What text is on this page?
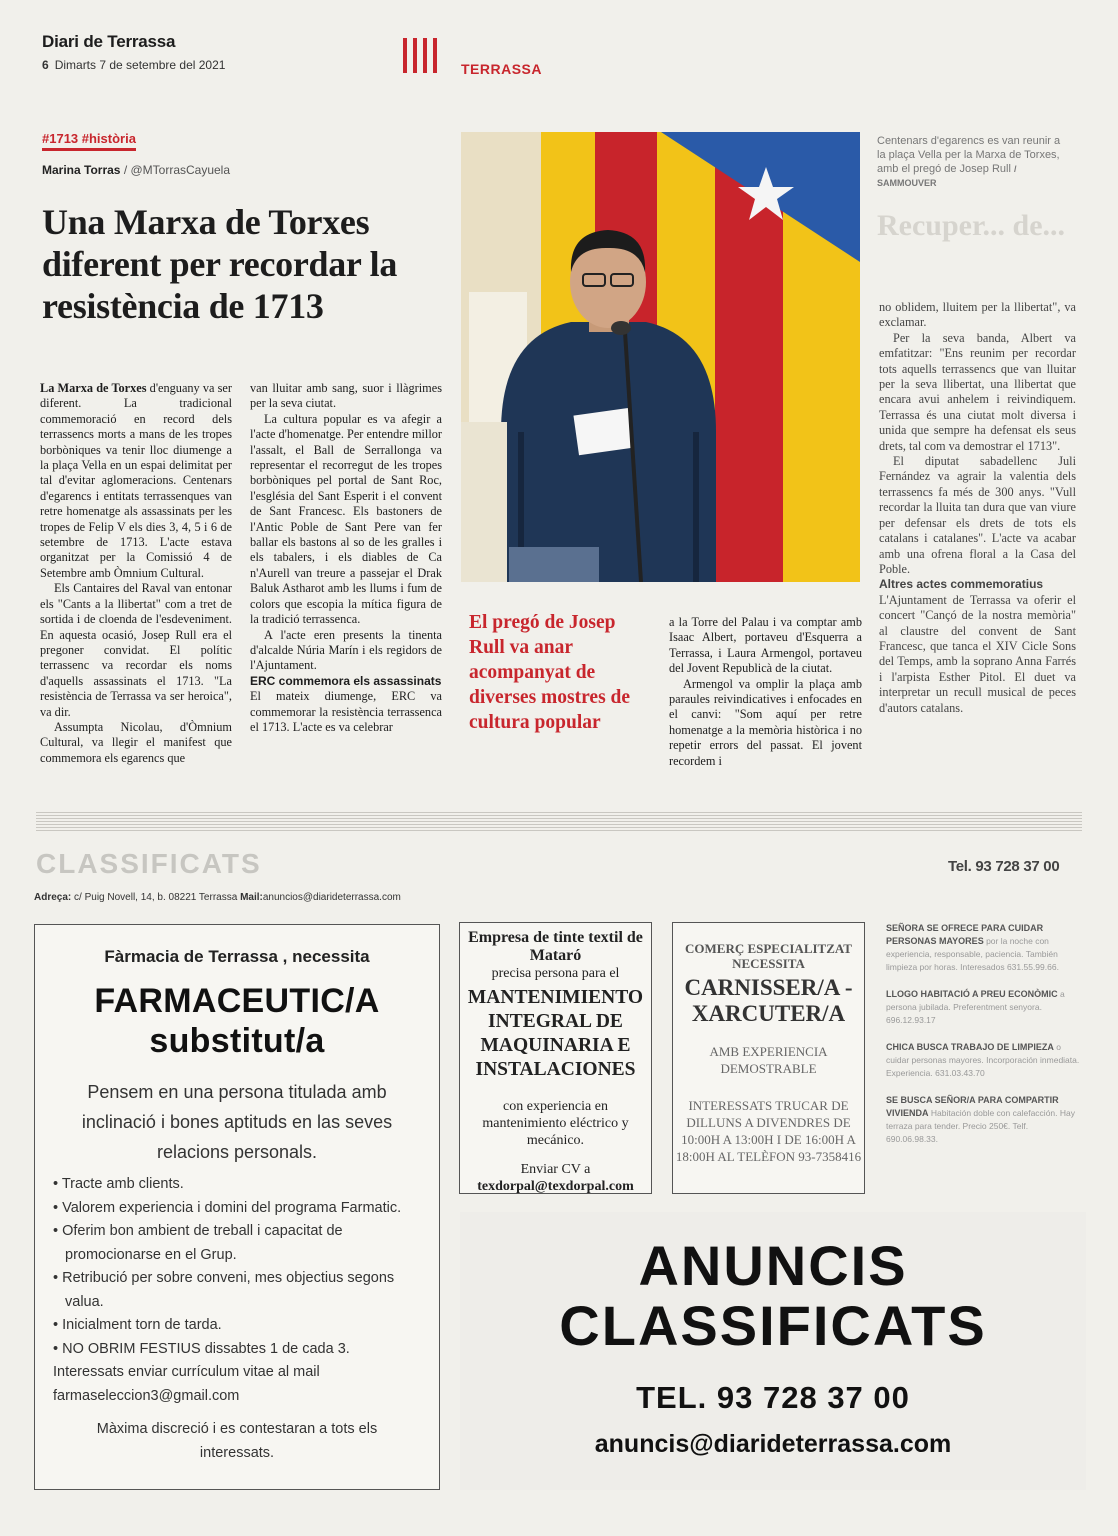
Diari de Terrassa
6 Dimarts 7 de setembre del 2021	TERRASSA
#1713 #història
Marina Torras / @MTorrasCayuela
Una Marxa de Torxes diferent per recordar la resistència de 1713

La Marxa de Torxes d'enguany va ser diferent. La tradicional commemoració en record dels terrassencs morts a mans de les tropes borbòniques va tenir lloc diumenge a la plaça Vella en un espai delimitat per tal d'evitar aglomeracions. Centenars d'egarencs i entitats terrassenques van retre homenatge als assassinats per les tropes de Felip V els dies 3, 4, 5 i 6 de setembre de 1713. L'acte estava organitzat per la Comissió 4 de Setembre amb Òmnium Cultural.

Els Cantaires del Raval van entonar els "Cants a la llibertat" com a tret de sortida i de cloenda de l'esdeveniment. En aquesta ocasió, Josep Rull era el pregoner convidat. El polític terrassenc va recordar els noms d'aquells assassinats el 1713. "La resistència de Terrassa va ser heroica", va dir.

Assumpta Nicolau, d'Òmnium Cultural, va llegir el manifest que commemora els egarencs que

van lluitar amb sang, suor i llàgrimes per la seva ciutat.

La cultura popular es va afegir a l'acte d'homenatge. Per entendre millor l'assalt, el Ball de Serrallonga va representar el recorregut de les tropes borbòniques pel portal de Sant Roc, l'església del Sant Esperit i el convent de Sant Francesc. Els bastoners de l'Antic Poble de Sant Pere van fer ballar els bastons al so de les gralles i els tabalers, i els diables de Ca n'Aurell van treure a passejar el Drak Baluk Astharot amb les llums i fum de colors que escopia la mítica figura de la tradició terrassenca.

A l'acte eren presents la tinenta d'alcalde Núria Marín i els regidors de l'Ajuntament.

ERC commemora els assassinats

El mateix diumenge, ERC va commemorar la resistència terrassenca el 1713. L'acte es va celebrar

Centenars d'egarencs es van reunir a la plaça Vella per la Marxa de Torxes, amb el pregó de Josep Rull / SAMMOUVER
Recuper... de...
El pregó de Josep Rull va anar acompanyat de diverses mostres de cultura popular

a la Torre del Palau i va comptar amb Isaac Albert, portaveu d'Esquerra a Terrassa, i Laura Armengol, portaveu del Jovent Republicà de la ciutat.

Armengol va omplir la plaça amb paraules reivindicatives i enfocades en el canvi: "Som aquí per retre homenatge a la memòria històrica i no repetir errors del passat. El jovent recordem i

no oblidem, lluitem per la llibertat", va exclamar.

Per la seva banda, Albert va emfatitzar: "Ens reunim per recordar tots aquells terrassencs que van lluitar per la seva llibertat, una llibertat que encara avui anhelem i reivindiquem. Terrassa és una ciutat molt diversa i unida que sempre ha defensat els seus drets, tal com va demostrar el 1713".

El diputat sabadellenc Juli Fernández va agrair la valentia dels terrassencs fa més de 300 anys. "Vull recordar la lluita tan dura que van viure per defensar els drets de tots els catalans i catalanes". L'acte va acabar amb una ofrena floral a la Casa del Poble.

Altres actes commemoratius

L'Ajuntament de Terrassa va oferir el concert "Cançó de la nostra memòria" al claustre del convent de Sant Francesc, que tanca el XIV Cicle Sons del Temps, amb la soprano Anna Farrés i l'arpista Esther Pitol. El duet va interpretar un recull musical de peces d'autors catalans.

CLASSIFICATS	Tel. 93 728 37 00
Adreça: c/ Puig Novell, 14, b. 08221 Terrassa Mail:anuncios@diarideterrassa.com
Fàrmacia de Terrassa , necessita
FARMACEUTIC/A
substitut/a
Pensem en una persona titulada amb inclinació i bones aptituds en las seves relacions personals.
• Tracte amb clients.
• Valorem experiencia i domini del programa Farmatic.
• Oferim bon ambient de treball i capacitat de promocionarse en el Grup.
• Retribució per sobre conveni, mes objectius segons valua.
• Inicialment torn de tarda.
• NO OBRIM FESTIUS dissabtes 1 de cada 3.
Interessats enviar currículum vitae al mail farmaseleccion3@gmail.com
Màxima discreció i es contestaran a tots els interessats.
Empresa de tinte textil de Mataró
precisa persona para el
MANTENIMIENTO INTEGRAL DE MAQUINARIA E INSTALACIONES
con experiencia en mantenimiento eléctrico y mecánico.
Enviar CV a
texdorpal@texdorpal.com
COMERÇ ESPECIALITZAT NECESSITA
CARNISSER/A - XARCUTER/A
AMB EXPERIENCIA DEMOSTRABLE
INTERESSATS TRUCAR DE DILLUNS A DIVENDRES DE 10:00H A 13:00H I DE 16:00H A 18:00H AL TELÈFON 93-7358416
SEÑORA SE OFRECE PARA CUIDAR PERSONAS MAYORES por la noche con experiencia, responsable, paciencia. También limpieza por horas. Interesados 631.55.99.66.
LLOGO HABITACIÓ A PREU ECONÒMIC a persona jubilada. Preferentment senyora. 696.12.93.17
CHICA BUSCA TRABAJO DE LIMPIEZA o cuidar personas mayores. Incorporación inmediata. Experiencia. 631.03.43.70
SE BUSCA SEÑOR/A PARA COMPARTIR VIVIENDA Habitación doble con calefacción. Hay terraza para tender. Precio 250€. Telf. 690.06.98.33.
ANUNCIS
CLASSIFICATS
TEL. 93 728 37 00
anuncis@diarideterrassa.com
